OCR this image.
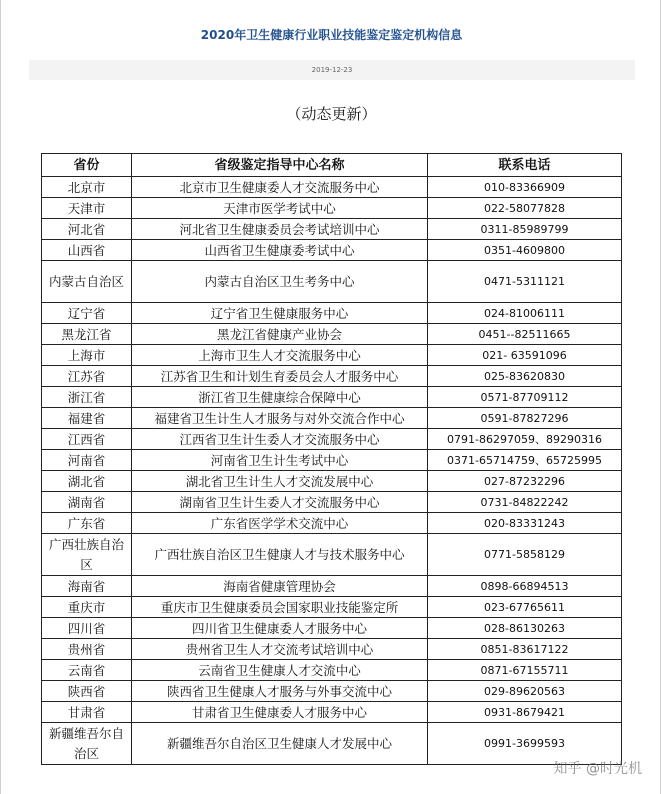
2020年卫生健康行业职业技能鉴定鉴定机构信息
2019-12-23
（动态更新）
省份	省级鉴定指导中心名称	联系电话
北京市	北京市卫生健康委人才交流服务中心	010-83366909
天津市	天津市医学考试中心	022-58077828
河北省	河北省卫生健康委员会考试培训中心	0311-85989799
山西省	山西省卫生健康委考试中心	0351-4609800
内蒙古自治区	内蒙古自治区卫生考务中心	0471-5311121
辽宁省	辽宁省卫生健康服务中心	024-81006111
黑龙江省	黑龙江省健康产业协会	0451--82511665
上海市	上海市卫生人才交流服务中心	021- 63591096
江苏省	江苏省卫生和计划生育委员会人才服务中心	025-83620830
浙江省	浙江省卫生健康综合保障中心	0571-87709112
福建省	福建省卫生计生人才服务与对外交流合作中心	0591-87827296
江西省	江西省卫生计生委人才交流服务中心	0791-86297059、89290316
河南省	河南省卫生计生考试中心	0371-65714759、65725995
湖北省	湖北省卫生计生人才交流发展中心	027-87232296
湖南省	湖南省卫生计生委人才交流服务中心	0731-84822242
广东省	广东省医学学术交流中心	020-83331243
广西壮族自治区	广西壮族自治区卫生健康人才与技术服务中心	0771-5858129
海南省	海南省健康管理协会	0898-66894513
重庆市	重庆市卫生健康委员会国家职业技能鉴定所	023-67765611
四川省	四川省卫生健康委人才服务中心	028-86130263
贵州省	贵州省卫生人才交流考试培训中心	0851-83617122
云南省	云南省卫生健康人才交流中心	0871-67155711
陕西省	陕西省卫生健康人才服务与外事交流中心	029-89620563
甘肃省	甘肃省卫生健康委人才服务中心	0931-8679421
新疆维吾尔自治区	新疆维吾尔自治区卫生健康人才发展中心	0991-3699593
知乎 @时光机
